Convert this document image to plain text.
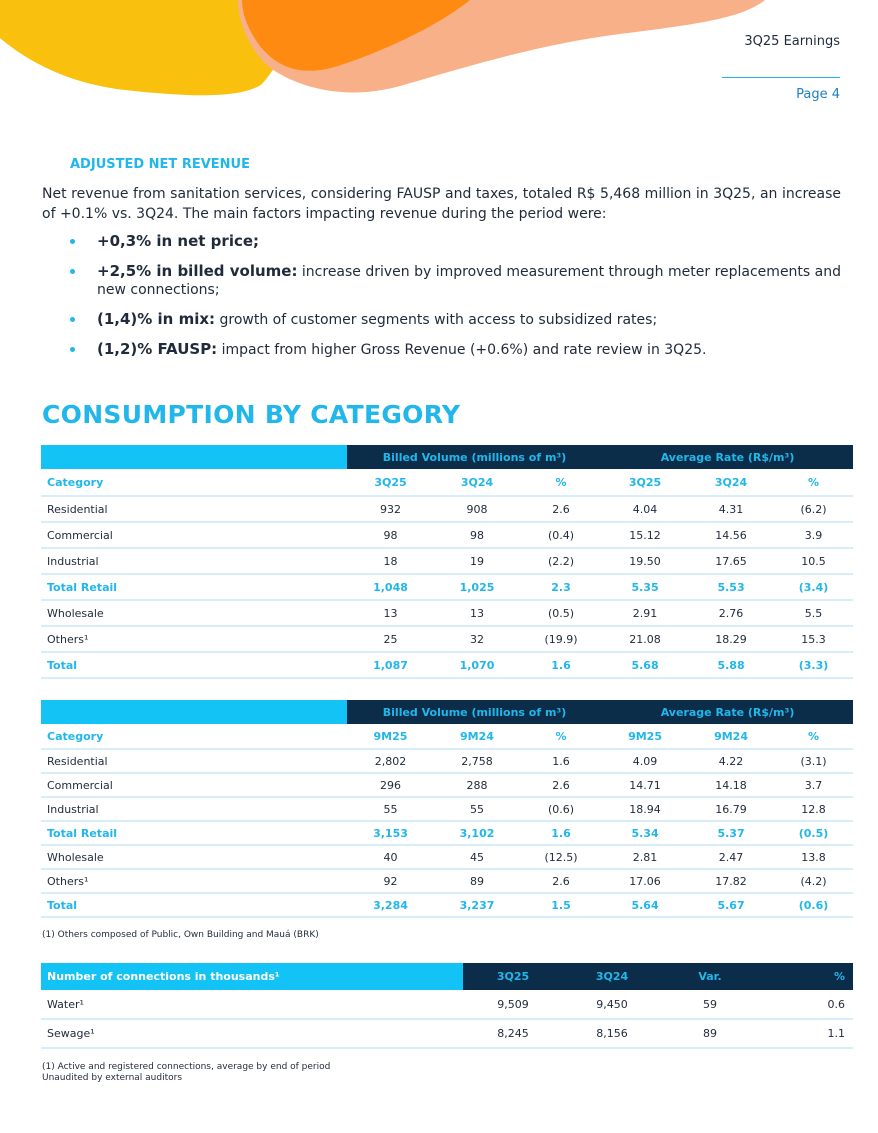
3Q25 Earnings
Page 4
ADJUSTED NET REVENUE

Net revenue from sanitation services, considering FAUSP and taxes, totaled R$ 5,468 million in 3Q25, an increase of +0.1% vs. 3Q24. The main factors impacting revenue during the period were:

+0,3% in net price;
+2,5% in billed volume: increase driven by improved measurement through meter replacements and new connections;
(1,4)% in mix: growth of customer segments with access to subsidized rates;
(1,2)% FAUSP: impact from higher Gross Revenue (+0.6%) and rate review in 3Q25.
CONSUMPTION BY CATEGORY
	Billed Volume (millions of m³)			Average Rate (R$/m³)		
Category	3Q25	3Q24	%	3Q25	3Q24	%
Residential	932	908	2.6	4.04	4.31	(6.2)
Commercial	98	98	(0.4)	15.12	14.56	3.9
Industrial	18	19	(2.2)	19.50	17.65	10.5
Total Retail	1,048	1,025	2.3	5.35	5.53	(3.4)
Wholesale	13	13	(0.5)	2.91	2.76	5.5
Others¹	25	32	(19.9)	21.08	18.29	15.3
Total	1,087	1,070	1.6	5.68	5.88	(3.3)
	Billed Volume (millions of m³)			Average Rate (R$/m³)		
Category	9M25	9M24	%	9M25	9M24	%
Residential	2,802	2,758	1.6	4.09	4.22	(3.1)
Commercial	296	288	2.6	14.71	14.18	3.7
Industrial	55	55	(0.6)	18.94	16.79	12.8
Total Retail	3,153	3,102	1.6	5.34	5.37	(0.5)
Wholesale	40	45	(12.5)	2.81	2.47	13.8
Others¹	92	89	2.6	17.06	17.82	(4.2)
Total	3,284	3,237	1.5	5.64	5.67	(0.6)
(1) Others composed of Public, Own Building and Mauá (BRK)
Number of connections in thousands¹	3Q25	3Q24	Var.	%
Water¹	9,509	9,450	59	0.6
Sewage¹	8,245	8,156	89	1.1
(1) Active and registered connections, average by end of period
Unaudited by external auditors
